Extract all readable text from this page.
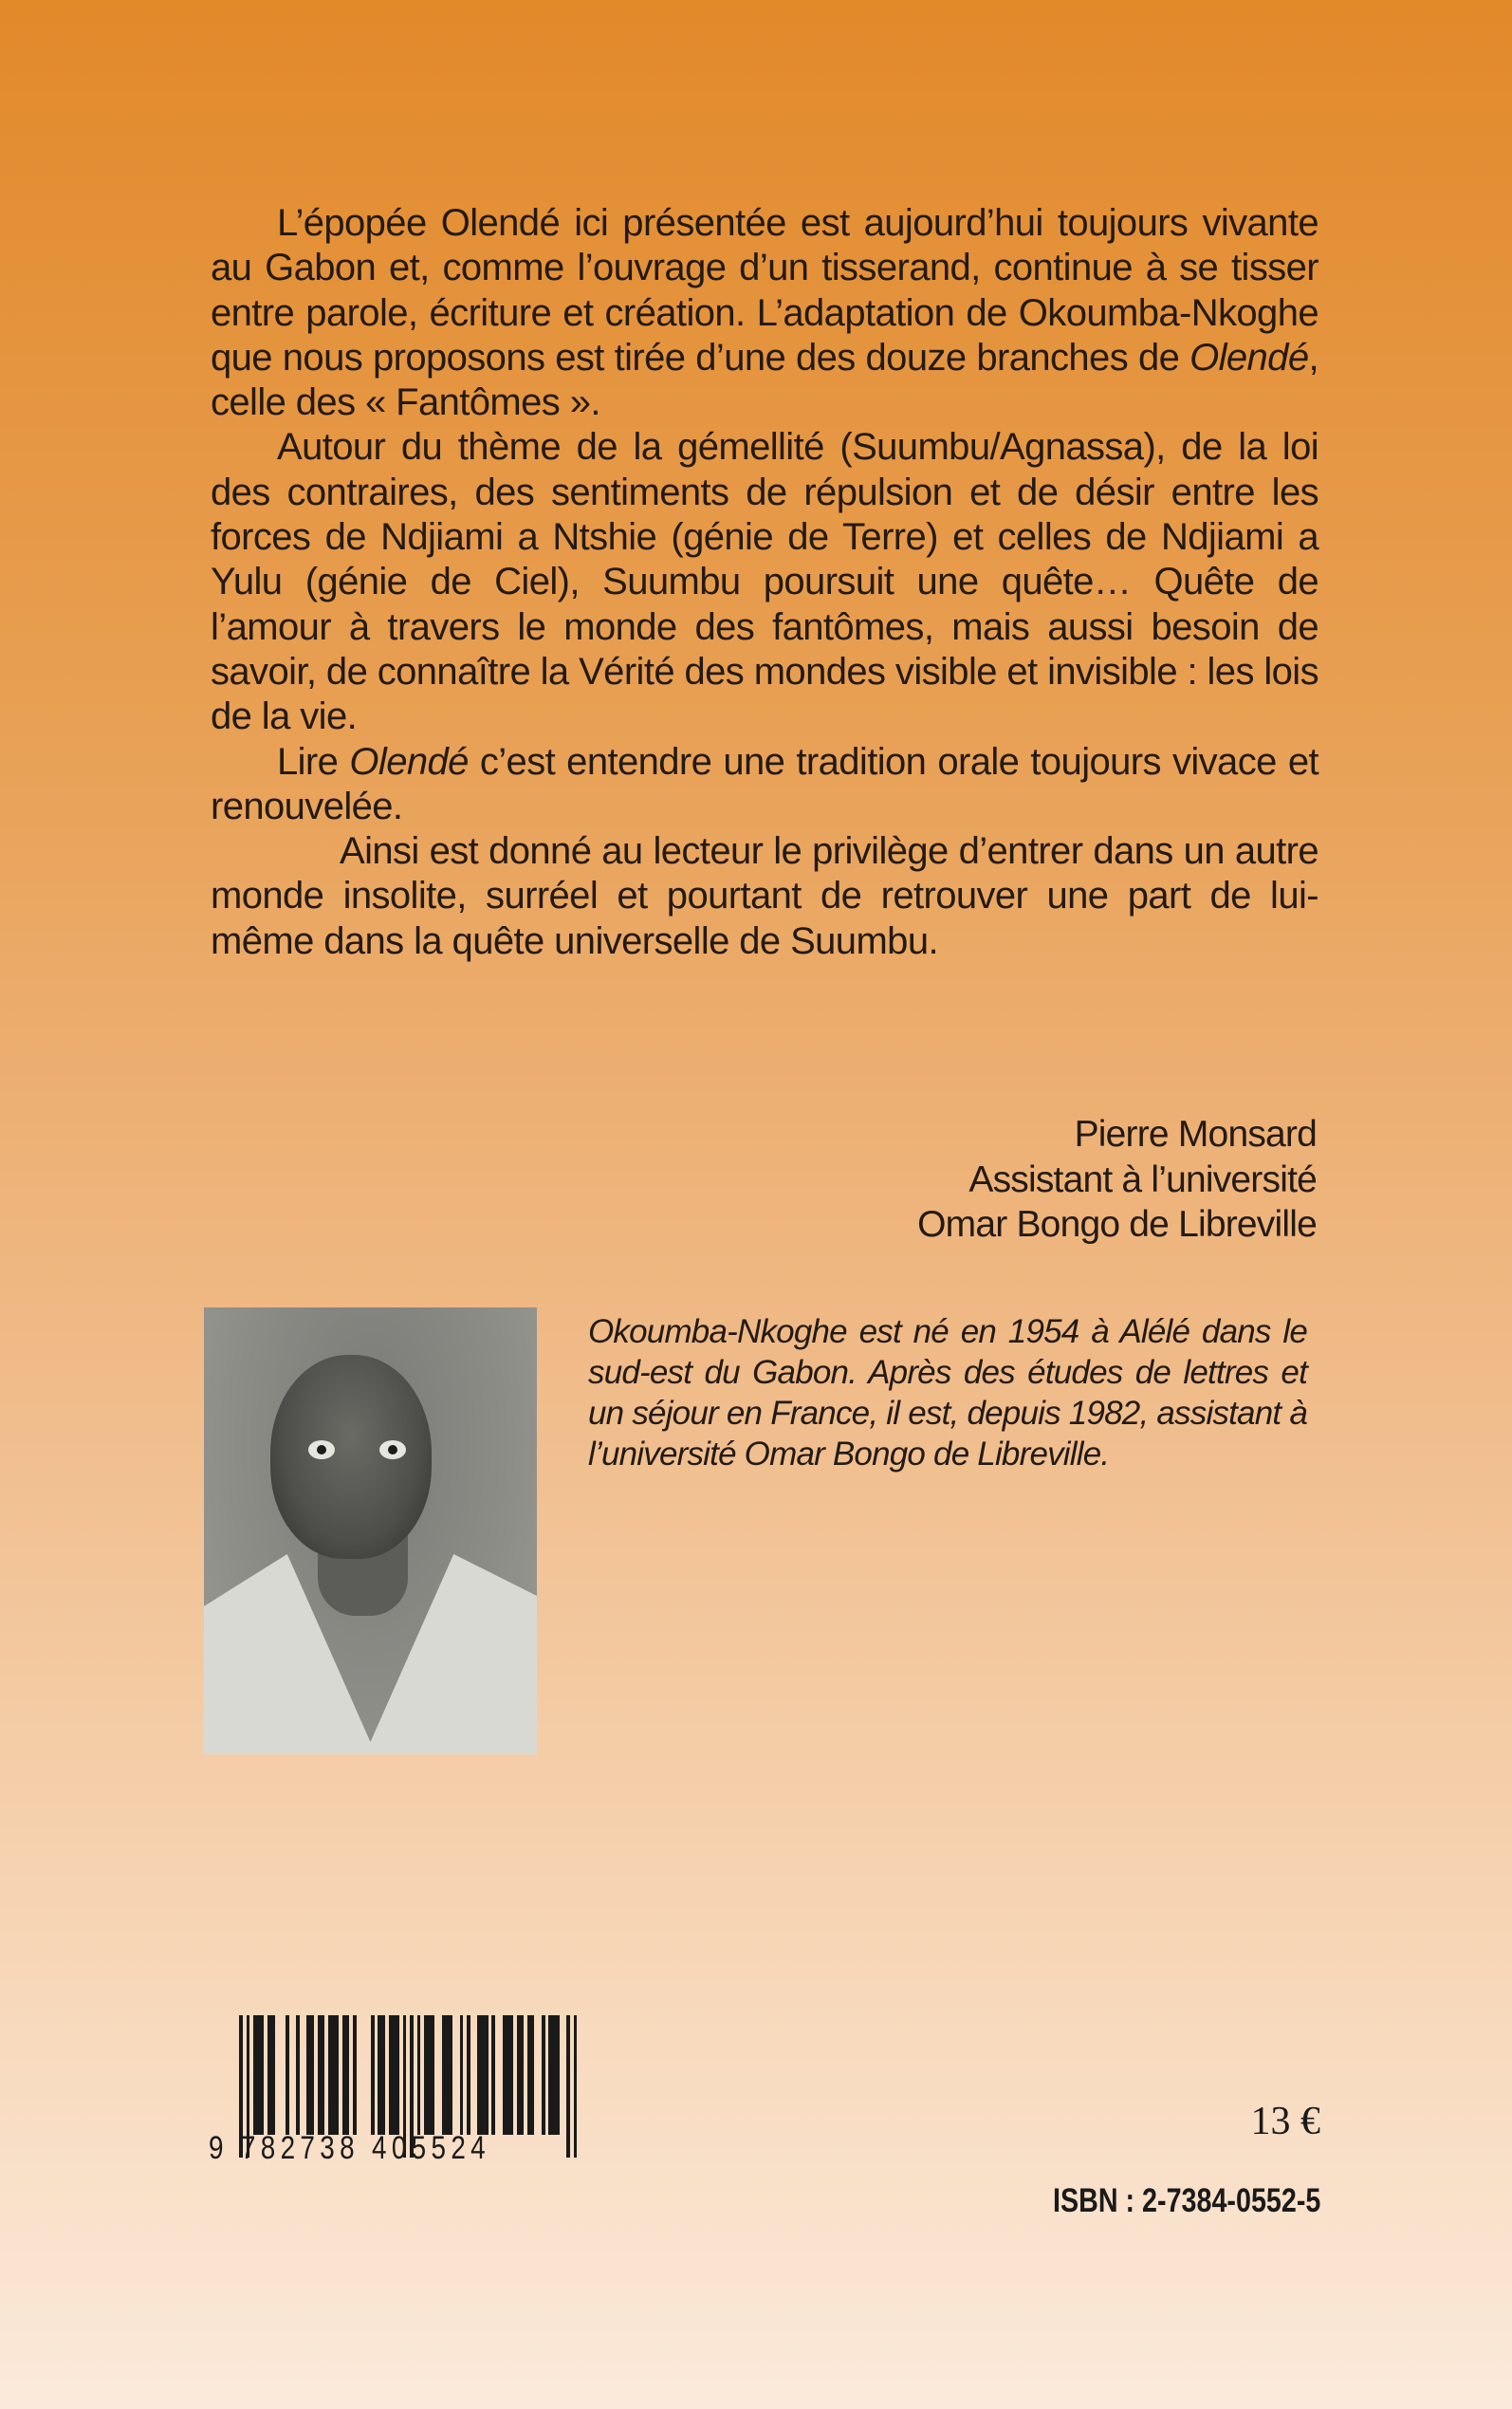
L’épopée Olendé ici présentée est aujourd’hui toujours vivante au Gabon et, comme l’ouvrage d’un tisserand, continue à se tisser entre parole, écriture et création. L’adaptation de Okoumba-Nkoghe que nous proposons est tirée d’une des douze branches de Olendé, celle des « Fantômes ».

Autour du thème de la gémellité (Suumbu/Agnassa), de la loi des contraires, des sentiments de répulsion et de désir entre les forces de Ndjiami a Ntshie (génie de Terre) et celles de Ndjiami a Yulu (génie de Ciel), Suumbu poursuit une quête… Quête de l’amour à travers le monde des fantômes, mais aussi besoin de savoir, de connaître la Vérité des mondes visible et invisible : les lois de la vie.

Lire Olendé c’est entendre une tradition orale toujours vivace et renouvelée.

Ainsi est donné au lecteur le privilège d’entrer dans un autre monde insolite, surréel et pourtant de retrouver une part de lui-même dans la quête universelle de Suumbu.

Pierre Monsard
Assistant à l’université
Omar Bongo de Libreville
Okoumba-Nkoghe est né en 1954 à Alélé dans le sud-est du Gabon. Après des études de lettres et un séjour en France, il est, depuis 1982, assistant à l’université Omar Bongo de Libreville.
9 782738 405524
13 €
ISBN : 2-7384-0552-5
